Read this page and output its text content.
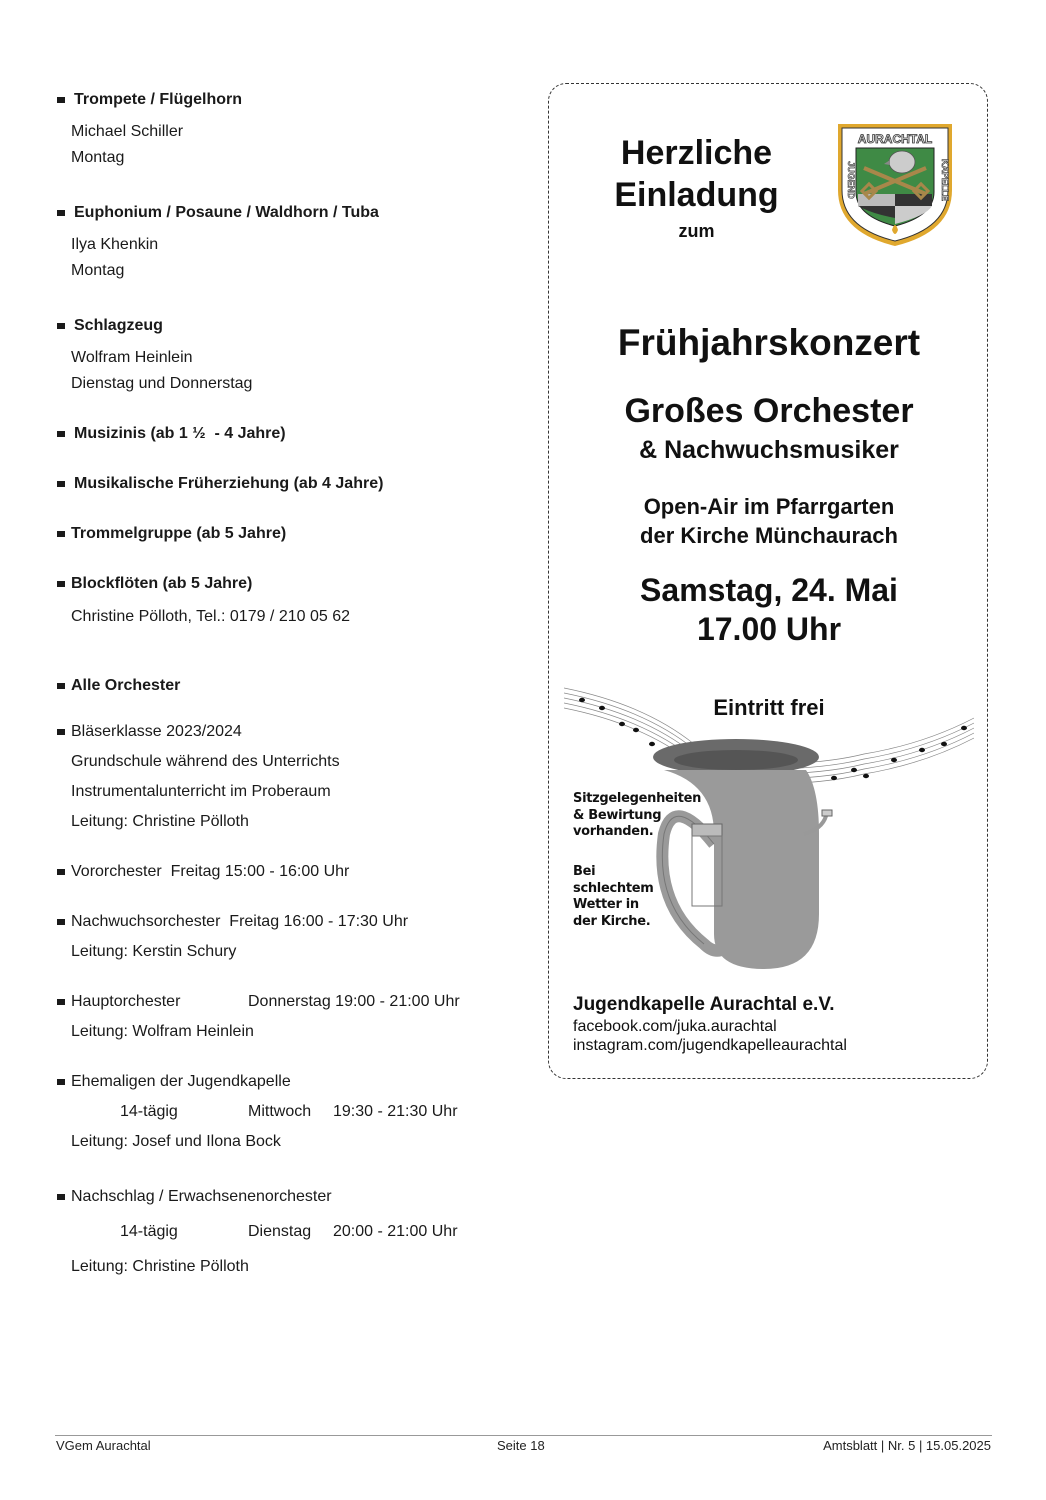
Trompete / Flügelhorn
Michael Schiller
Montag
Euphonium / Posaune / Waldhorn / Tuba
Ilya Khenkin
Montag
Schlagzeug
Wolfram Heinlein
Dienstag und Donnerstag
Musizinis (ab 1 ½  - 4 Jahre)
Musikalische Früherziehung (ab 4 Jahre)
Trommelgruppe (ab 5 Jahre)
Blockflöten (ab 5 Jahre)
Christine Pölloth, Tel.: 0179 / 210 05 62
Alle Orchester
Bläserklasse 2023/2024
Grundschule während des Unterrichts
Instrumentalunterricht im Proberaum
Leitung: Christine Pölloth
Vororchester  Freitag 15:00 - 16:00 Uhr
Nachwuchsorchester  Freitag 16:00 - 17:30 Uhr
Leitung: Kerstin Schury
Hauptorchester	Donnerstag 19:00 - 21:00 Uhr
Leitung: Wolfram Heinlein
Ehemaligen der Jugendkapelle
14-tägig	Mittwoch 19:30 - 21:30 Uhr
Leitung: Josef und Ilona Bock
Nachschlag / Erwachsenenorchester
14-tägig	Dienstag 20:00 - 21:00 Uhr
Leitung: Christine Pölloth
Herzliche
Einladung
zum
AURACHTAL
JUGEND	KAPELLE
Frühjahrskonzert
Großes Orchester
& Nachwuchsmusiker
Open-Air im Pfarrgarten
der Kirche Münchaurach
Samstag, 24. Mai
17.00 Uhr
Eintritt frei
Sitzgelegenheiten
& Bewirtung
vorhanden.
Bei
schlechtem
Wetter in
der Kirche.
Jugendkapelle Aurachtal e.V.
facebook.com/juka.aurachtal
instagram.com/jugendkapelleaurachtal
VGem Aurachtal	Seite 18	Amtsblatt | Nr. 5 | 15.05.2025
